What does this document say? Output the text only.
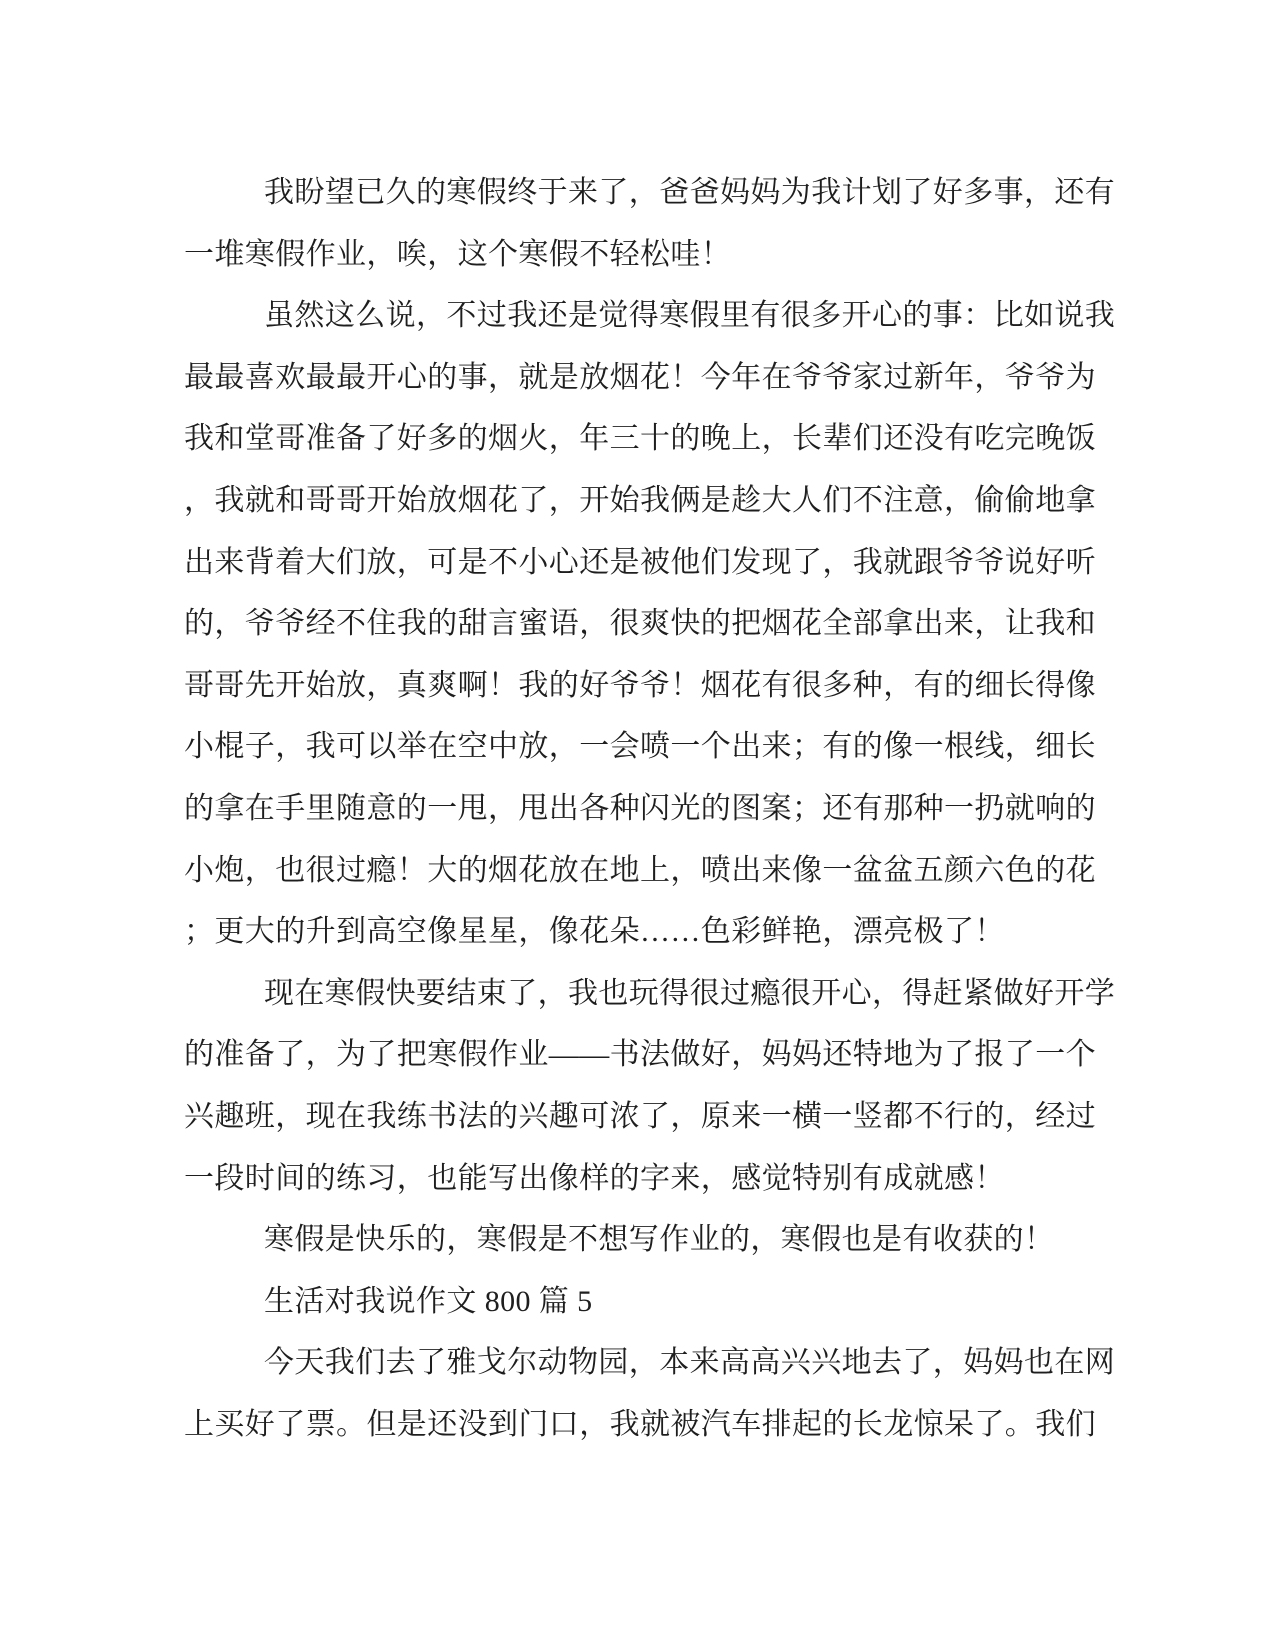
我盼望已久的寒假终于来了，爸爸妈妈为我计划了好多事，还有
一堆寒假作业，唉，这个寒假不轻松哇！
虽然这么说，不过我还是觉得寒假里有很多开心的事：比如说我
最最喜欢最最开心的事，就是放烟花！今年在爷爷家过新年，爷爷为
我和堂哥准备了好多的烟火，年三十的晚上，长辈们还没有吃完晚饭
，我就和哥哥开始放烟花了，开始我俩是趁大人们不注意，偷偷地拿
出来背着大们放，可是不小心还是被他们发现了，我就跟爷爷说好听
的，爷爷经不住我的甜言蜜语，很爽快的把烟花全部拿出来，让我和
哥哥先开始放，真爽啊！我的好爷爷！烟花有很多种，有的细长得像
小棍子，我可以举在空中放，一会喷一个出来；有的像一根线，细长
的拿在手里随意的一甩，甩出各种闪光的图案；还有那种一扔就响的
小炮，也很过瘾！大的烟花放在地上，喷出来像一盆盆五颜六色的花
；更大的升到高空像星星，像花朵……色彩鲜艳，漂亮极了！
现在寒假快要结束了，我也玩得很过瘾很开心，得赶紧做好开学
的准备了，为了把寒假作业——书法做好，妈妈还特地为了报了一个
兴趣班，现在我练书法的兴趣可浓了，原来一横一竖都不行的，经过
一段时间的练习，也能写出像样的字来，感觉特别有成就感！
寒假是快乐的，寒假是不想写作业的，寒假也是有收获的！
生活对我说作文 800 篇 5
今天我们去了雅戈尔动物园，本来高高兴兴地去了，妈妈也在网
上买好了票。但是还没到门口，我就被汽车排起的长龙惊呆了。我们
